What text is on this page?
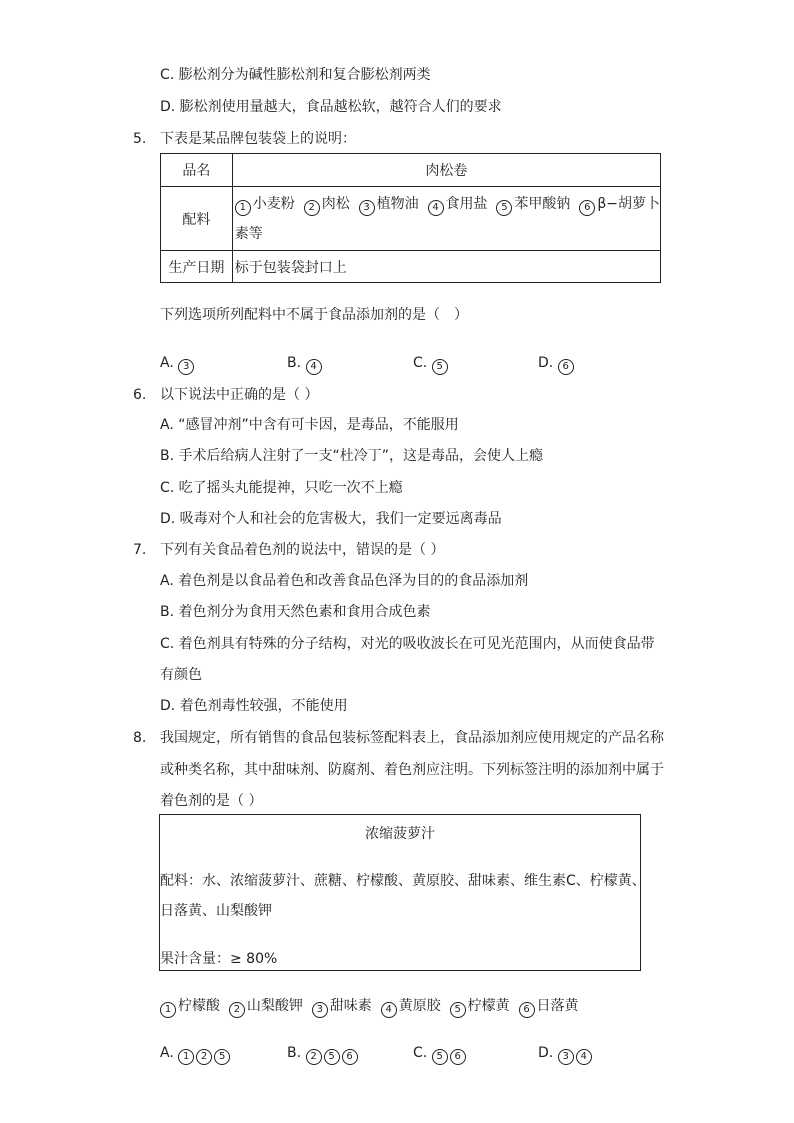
C. 膨松剂分为碱性膨松剂和复合膨松剂两类
D. 膨松剂使用量越大，食品越松软，越符合人们的要求
5. 下表是某品牌包装袋上的说明：
品名	肉松卷
配料	1 小麦粉 2 肉松 3 植物油 4 食用盐 5 苯甲酸钠 6 β−胡萝卜
素等

生产日期	标于包装袋封口上
下列选项所列配料中不属于食品添加剂的是（　）
A. 3	B. 4	C. 5	D. 6
6. 以下说法中正确的是（ ）
A. “感冒冲剂”中含有可卡因，是毒品，不能服用
B. 手术后给病人注射了一支“杜冷丁”，这是毒品，会使人上瘾
C. 吃了摇头丸能提神，只吃一次不上瘾
D. 吸毒对个人和社会的危害极大，我们一定要远离毒品
7. 下列有关食品着色剂的说法中，错误的是（ ）
A. 着色剂是以食品着色和改善食品色泽为目的的食品添加剂
B. 着色剂分为食用天然色素和食用合成色素
C. 着色剂具有特殊的分子结构，对光的吸收波长在可见光范围内，从而使食品带
有颜色
D. 着色剂毒性较强，不能使用
8. 我国规定，所有销售的食品包装标签配料表上，食品添加剂应使用规定的产品名称
或种类名称，其中甜味剂、防腐剂、着色剂应注明。下列标签注明的添加剂中属于
着色剂的是（ ）
浓缩菠萝汁
配料：水、浓缩菠萝汁、蔗糖、柠檬酸、黄原胶、甜味素、维生素C、柠檬黄、
日落黄、山梨酸钾
果汁含量：≥ 80%
1 柠檬酸 2 山梨酸钾 3 甜味素 4 黄原胶 5 柠檬黄 6 日落黄
A. 1 2 5	B. 2 5 6	C. 5 6	D. 3 4
